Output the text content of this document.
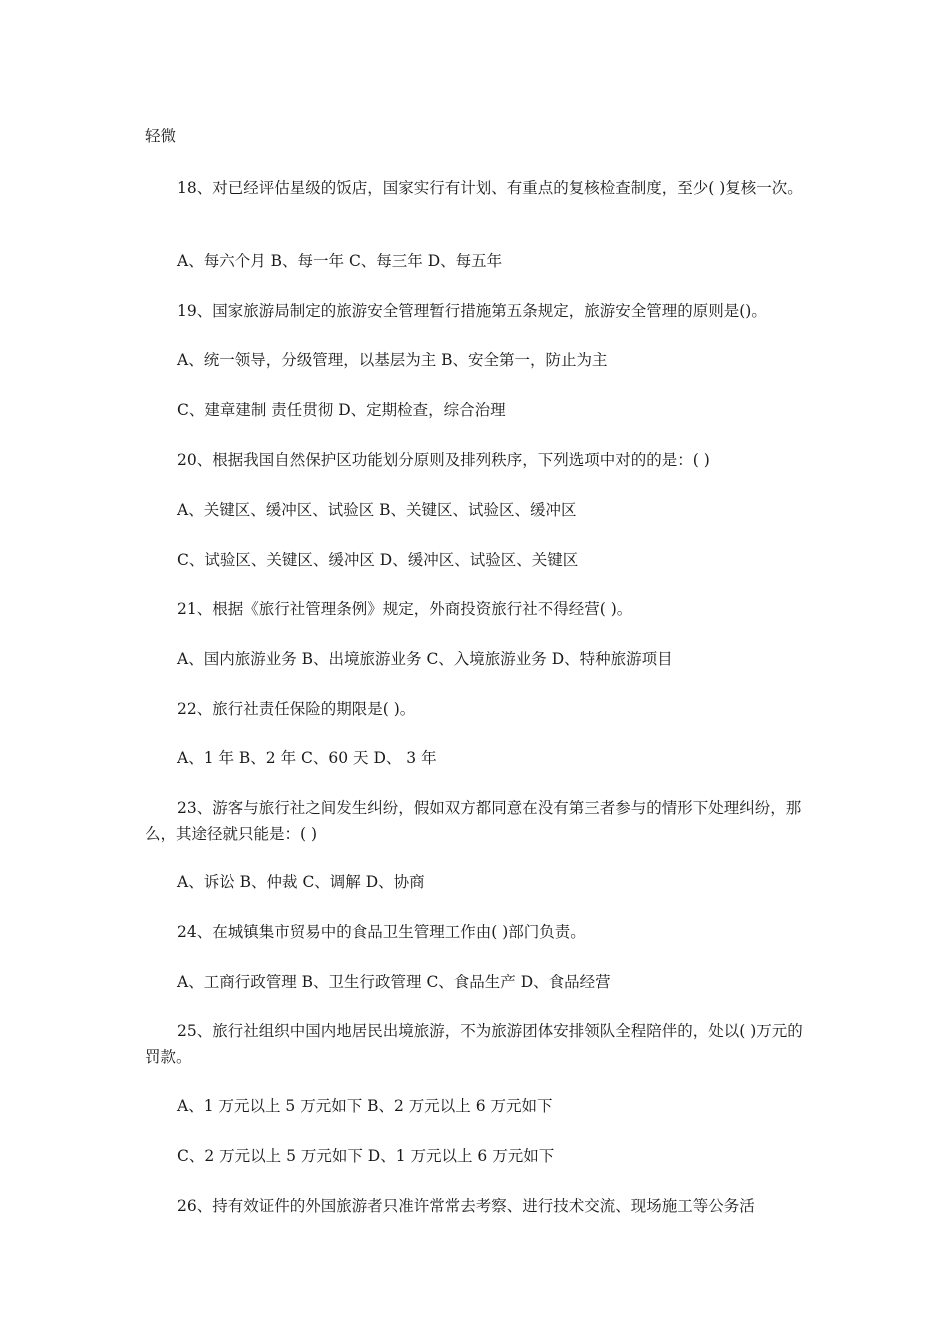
轻微

18、对已经评估星级的饭店，国家实行有计划、有重点的复核检查制度，至少( )复核一次。

A、每六个月 B、每一年 C、每三年 D、每五年

19、国家旅游局制定的旅游安全管理暂行措施第五条规定，旅游安全管理的原则是()。

A、统一领导，分级管理，以基层为主 B、安全第一，防止为主

C、建章建制 责任贯彻 D、定期检查，综合治理

20、根据我国自然保护区功能划分原则及排列秩序，下列选项中对的的是：( )

A、关键区、缓冲区、试验区 B、关键区、试验区、缓冲区

C、试验区、关键区、缓冲区 D、缓冲区、试验区、关键区

21、根据《旅行社管理条例》规定，外商投资旅行社不得经营( )。

A、国内旅游业务 B、出境旅游业务 C、入境旅游业务 D、特种旅游项目

22、旅行社责任保险的期限是( )。

A、1 年 B、2 年 C、60 天 D、 3 年

23、游客与旅行社之间发生纠纷，假如双方都同意在没有第三者参与的情形下处理纠纷，那么，其途径就只能是：( )

A、诉讼 B、仲裁 C、调解 D、协商

24、在城镇集市贸易中的食品卫生管理工作由( )部门负责。

A、工商行政管理 B、卫生行政管理 C、食品生产 D、食品经营

25、旅行社组织中国内地居民出境旅游，不为旅游团体安排领队全程陪伴的，处以( )万元的罚款。

A、1 万元以上 5 万元如下 B、2 万元以上 6 万元如下

C、2 万元以上 5 万元如下 D、1 万元以上 6 万元如下

26、持有效证件的外国旅游者只准许常常去考察、进行技术交流、现场施工等公务活
